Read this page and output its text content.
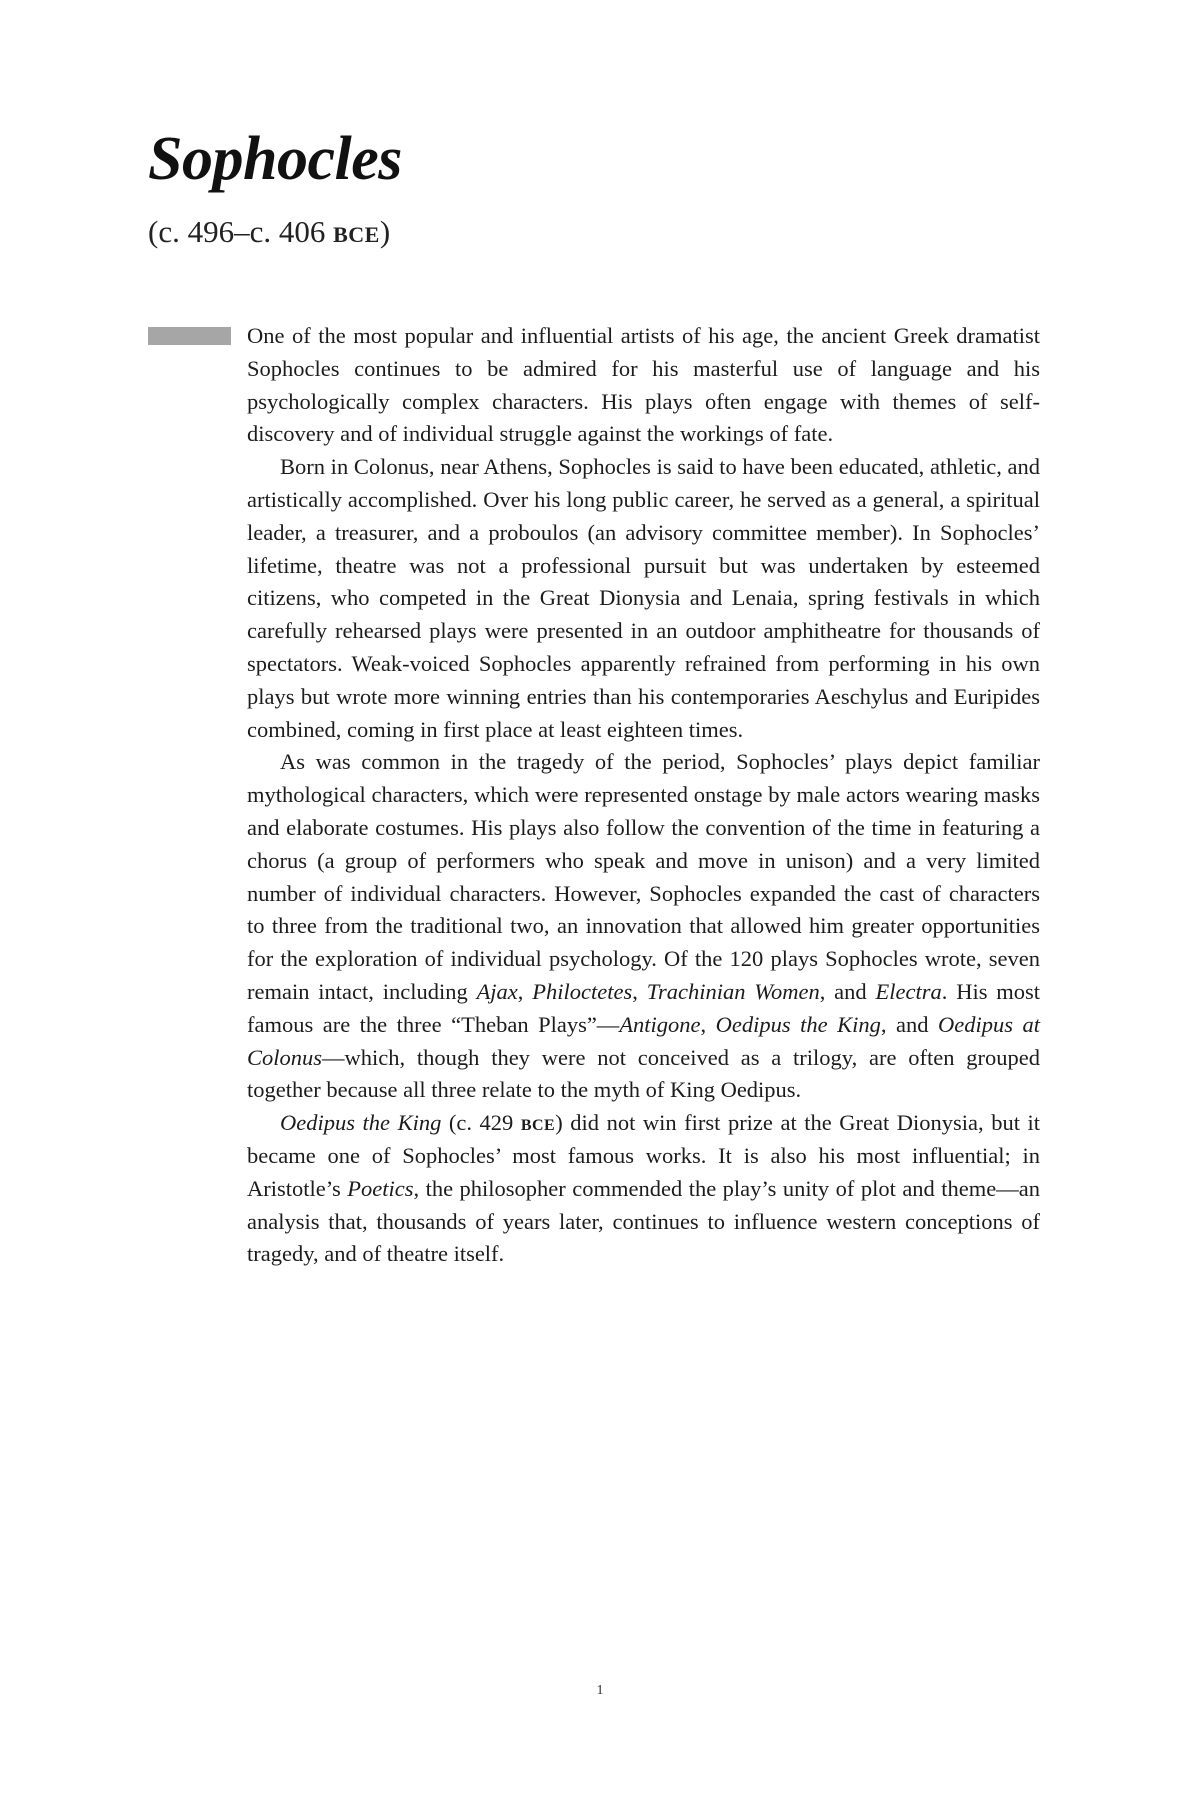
Sophocles
(c. 496–c. 406 bce)

One of the most popular and influential artists of his age, the ancient Greek dramatist Sophocles continues to be admired for his masterful use of language and his psychologically complex characters. His plays often engage with themes of self-discovery and of individual struggle against the workings of fate.

Born in Colonus, near Athens, Sophocles is said to have been educated, athletic, and artistically accomplished. Over his long public career, he served as a general, a spiritual leader, a treasurer, and a proboulos (an advisory committee member). In Sophocles’ lifetime, theatre was not a professional pursuit but was undertaken by esteemed citizens, who competed in the Great Dionysia and Lenaia, spring festivals in which carefully rehearsed plays were presented in an outdoor amphitheatre for thousands of spectators. Weak-voiced Sophocles apparently refrained from performing in his own plays but wrote more winning entries than his contemporaries Aeschylus and Euripides combined, coming in first place at least eighteen times.

As was common in the tragedy of the period, Sophocles’ plays depict familiar mythological characters, which were represented onstage by male actors wearing masks and elaborate costumes. His plays also follow the convention of the time in featuring a chorus (a group of performers who speak and move in unison) and a very limited number of individual characters. However, Sophocles expanded the cast of characters to three from the traditional two, an innovation that allowed him greater opportunities for the exploration of individual psychology. Of the 120 plays Sophocles wrote, seven remain intact, including Ajax, Philoctetes, Trachinian Women, and Electra. His most famous are the three “Theban Plays”—Antigone, Oedipus the King, and Oedipus at Colonus—which, though they were not conceived as a trilogy, are often grouped together because all three relate to the myth of King Oedipus.

Oedipus the King (c. 429 bce) did not win first prize at the Great Dionysia, but it became one of Sophocles’ most famous works. It is also his most influential; in Aristotle’s Poetics, the philosopher commended the play’s unity of plot and theme—an analysis that, thousands of years later, continues to influence western conceptions of tragedy, and of theatre itself.

1
